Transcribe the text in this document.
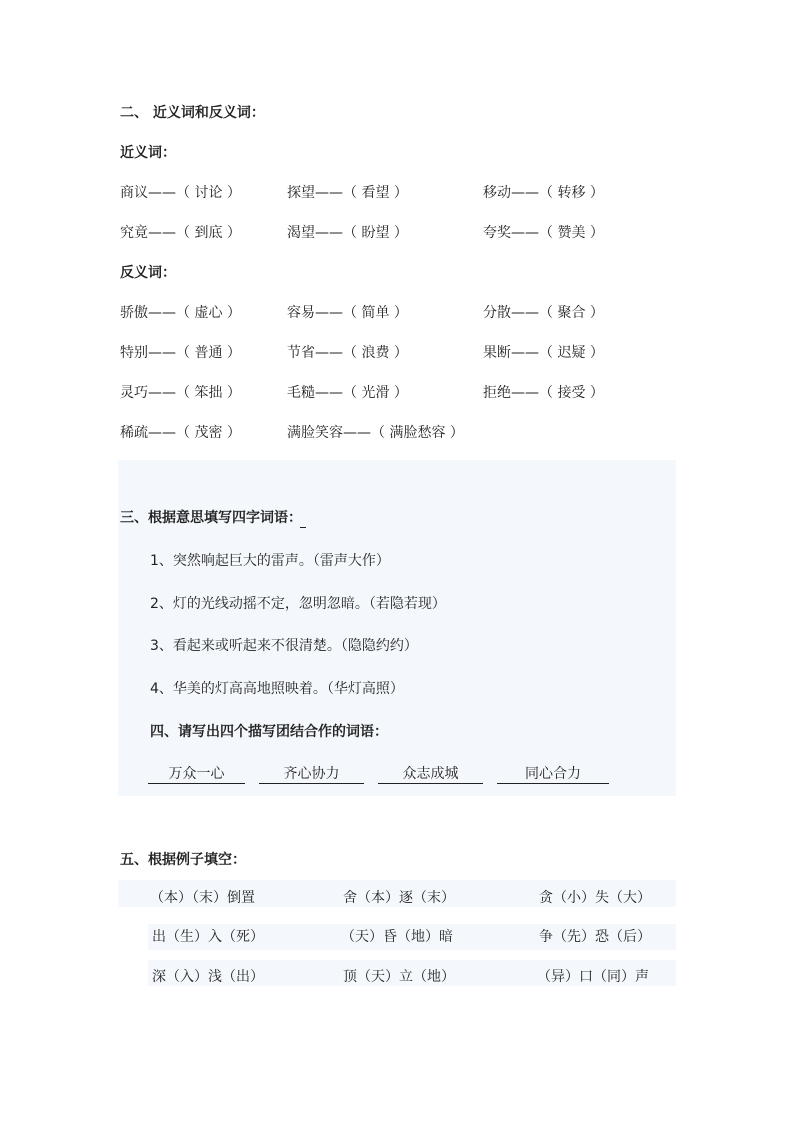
二、 近义词和反义词：
近义词：
商议——（ 讨论 ）	探望——（ 看望 ）	移动——（ 转移 ）
究竟——（ 到底 ）	渴望——（ 盼望 ）	夸奖——（ 赞美 ）
反义词：
骄傲——（ 虚心 ）	容易——（ 简单 ）	分散——（ 聚合 ）
特别——（ 普通 ）	节省——（ 浪费 ）	果断——（ 迟疑 ）
灵巧——（ 笨拙 ）	毛糙——（ 光滑 ）	拒绝——（ 接受 ）
稀疏——（ 茂密 ）	满脸笑容——（ 满脸愁容 ）
三、根据意思填写四字词语：

1、突然响起巨大的雷声。（雷声大作）
2、灯的光线动摇不定，忽明忽暗。（若隐若现）
3、看起来或听起来不很清楚。（隐隐约约）
4、华美的灯高高地照映着。（华灯高照）
四、请写出四个描写团结合作的词语：
万众一心	齐心协力	众志成城	同心合力
五、根据例子填空：
（本）（末）倒置	舍（本）逐（末）	贪（小）失（大）
出（生）入（死）	（天）昏（地）暗	争（先）恐（后）
深（入）浅（出）	顶（天）立（地）	（异）口（同）声
